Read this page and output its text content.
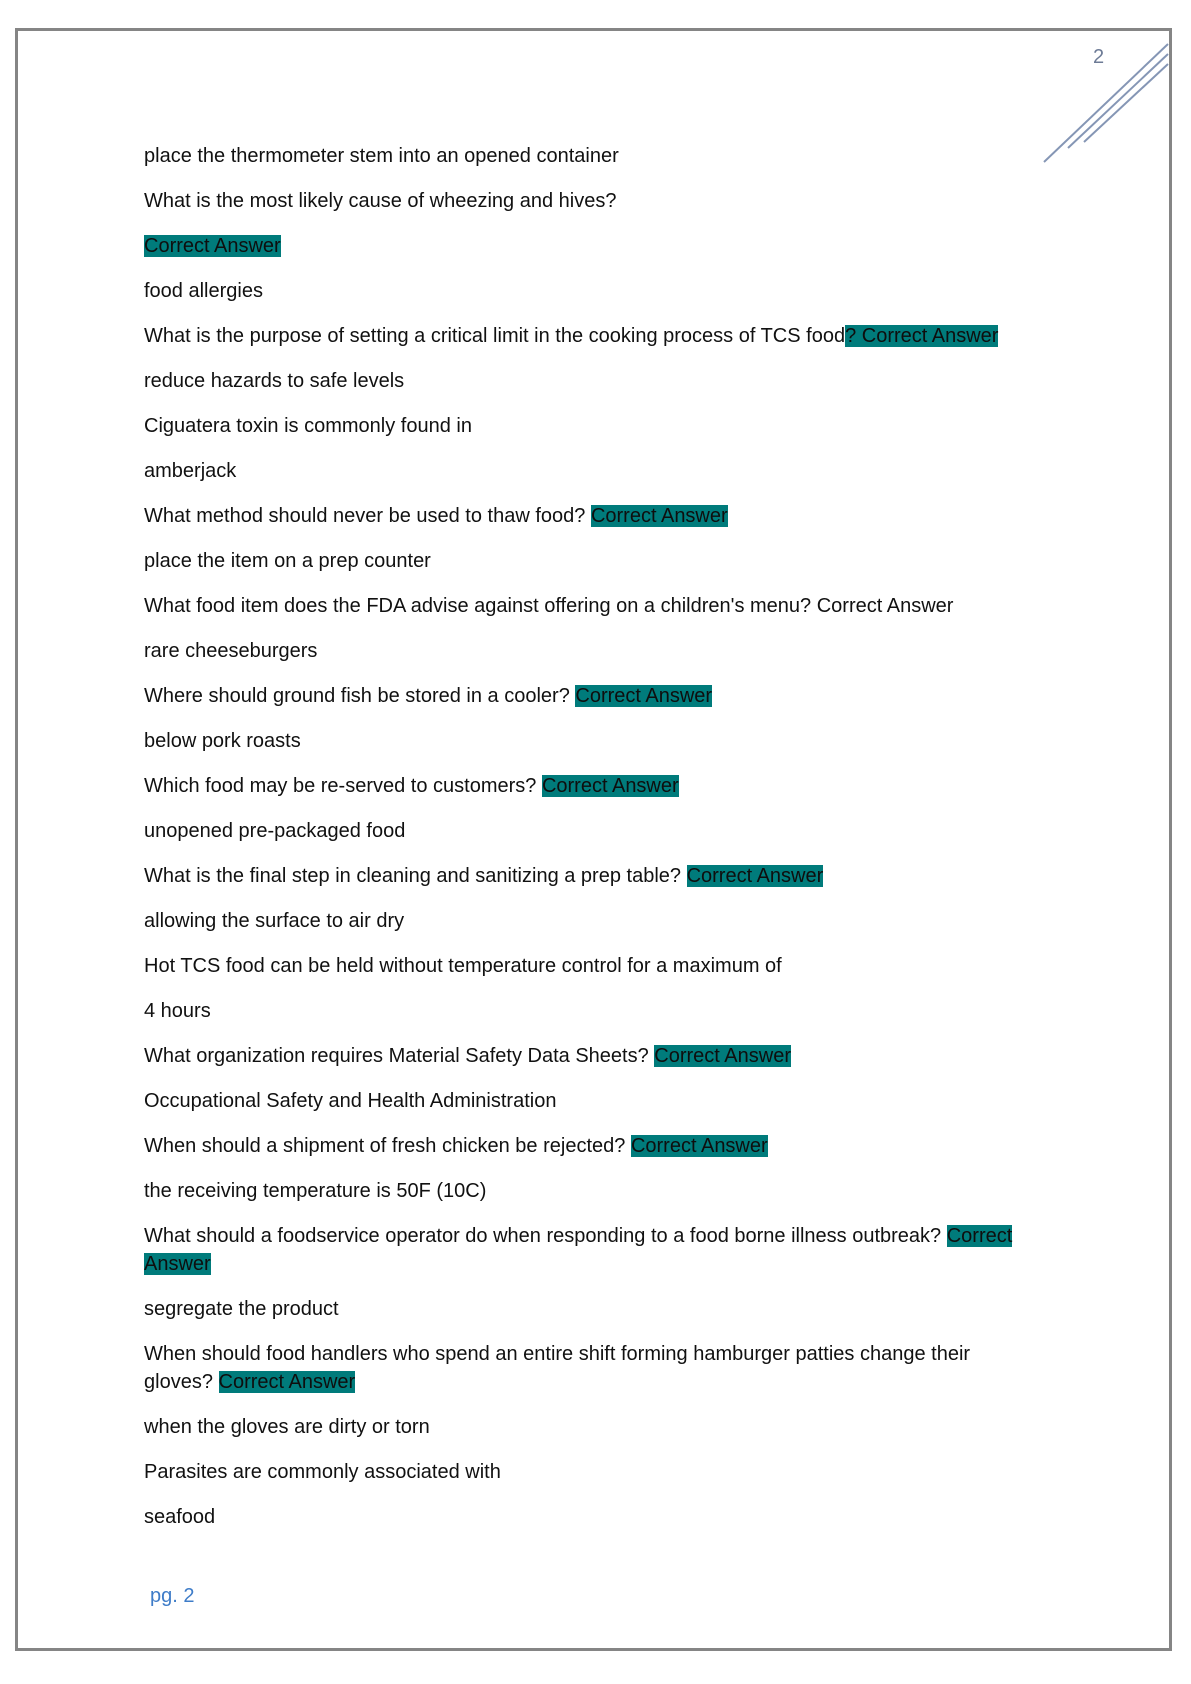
2
place the thermometer stem into an opened container
What is the most likely cause of wheezing and hives?
Correct Answer
food allergies
What is the purpose of setting a critical limit in the cooking process of TCS food? Correct Answer
reduce hazards to safe levels
Ciguatera toxin is commonly found in
amberjack
What method should never be used to thaw food? Correct Answer
place the item on a prep counter
What food item does the FDA advise against offering on a children's menu? Correct Answer
rare cheeseburgers
Where should ground fish be stored in a cooler? Correct Answer
below pork roasts
Which food may be re-served to customers? Correct Answer
unopened pre-packaged food
What is the final step in cleaning and sanitizing a prep table? Correct Answer
allowing the surface to air dry
Hot TCS food can be held without temperature control for a maximum of
4 hours
What organization requires Material Safety Data Sheets? Correct Answer
Occupational Safety and Health Administration
When should a shipment of fresh chicken be rejected? Correct Answer
the receiving temperature is 50F (10C)
What should a foodservice operator do when responding to a food borne illness outbreak? Correct Answer
segregate the product
When should food handlers who spend an entire shift forming hamburger patties change their gloves? Correct Answer
when the gloves are dirty or torn
Parasites are commonly associated with
seafood
pg. 2
